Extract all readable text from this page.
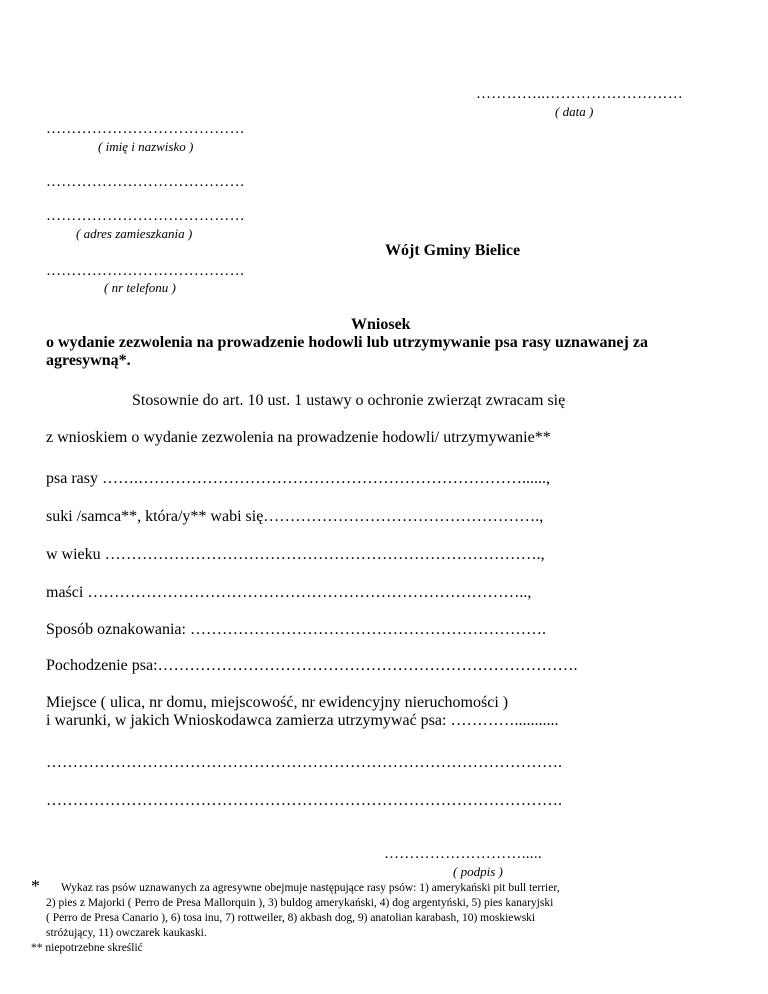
…………..………………………
( data )
…………………………………
( imię i nazwisko )
…………………………………
…………………………………
( adres zamieszkania )
Wójt Gminy Bielice
…………………………………
( nr telefonu )
Wniosek
o wydanie zezwolenia na prowadzenie hodowli lub utrzymywanie psa rasy uznawanej za
agresywną*.
Stosownie do art. 10 ust. 1 ustawy o ochronie zwierząt zwracam się
z wnioskiem o wydanie zezwolenia na prowadzenie hodowli/ utrzymywanie**
psa rasy …….………………………………………………………………......,
suki /samca**, która/y** wabi się…………………………………………….,
w wieku ……………………………………………………………………….,
maści ………………………………………………………………………..,
Sposób oznakowania: ………………………………………………………….
Pochodzenie psa:…………………………………………………………………….
Miejsce ( ulica, nr domu, miejscowość, nr ewidencyjny nieruchomości )
i warunki, w jakich Wnioskodawca zamierza utrzymywać psa: …………...........
…………………………………………………………………………………….
…………………………………………………………………………………….
……………………….....
( podpis )
* Wykaz ras psów uznawanych za agresywne obejmuje następujące rasy psów: 1) amerykański pit bull terrier,
2) pies z Majorki ( Perro de Presa Mallorquin ), 3) buldog amerykański, 4) dog argentyński, 5) pies kanaryjski
( Perro de Presa Canario ), 6) tosa inu, 7) rottweiler, 8) akbash dog, 9) anatolian karabash, 10) moskiewski
stróżujący, 11) owczarek kaukaski.
** niepotrzebne skreślić
